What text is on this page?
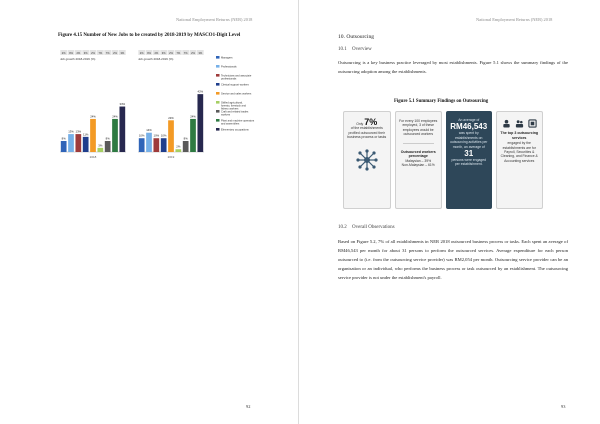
National Employment Returns (NER) 2018
Figure 4.15 Number of New Jobs to be created by 2018-2019 by MASCO1-Digit Level
2% 9% 2% 3% 2% 7% 7% 2% 3%
Job growth 2018-2019 (%)
8%
13% 13%
11%
24%
3%
8%
24%
33%
2018
2% 9% 2% 3% 2% 7% 7% 2% 3%
Job growth 2018-2019 (%)
10%
14%
10% 10%
23%
2%
8%
24%
42%
2019
Managers
Professionals
Technicians and associate professionals
Clerical support workers
Service and sales workers
Skilled agricultural, forestry, livestock and fishery workers
Craft and related trades workers
Plant and machine operators and assemblers
Elementary occupations
92
National Employment Returns (NER) 2018
93
10. Outsourcing
10.1 Overview
Outsourcing is a key business practice leveraged by most establishments. Figure 5.1 shows the summary findings of the outsourcing adoption among the establishments.
Figure 5.1 Summary Findings on Outsourcing
Only 7%
of the establishments profiled outsourced their business process or tasks
For every 100 employees employed, 3 of these employees would be outsourced workers
Outsourced workers percentage
Malaysian – 39%
Non-Malaysian – 61%
An average of
RM46,543
was spent by establishments on outsourcing activities per month, an average of
31
persons were engaged per establishment.
The top 3 outsourcing services
engaged by the establishments are for Payroll, Securities & Cleaning, and Finance & Accounting services
10.2 Overall Observations
Based on Figure 5.2, 7% of all establishments in NER 2018 outsourced business process or tasks. Each spent an average of RM46,543 per month for about 31 persons to perform the outsourced services. Average expenditure for each person outsourced to (i.e. from the outsourcing service provider) was RM2,054 per month. Outsourcing service provider can be an organisation or an individual, who performs the business process or task outsourced by an establishment. The outsourcing service provider is not under the establishment's payroll.
